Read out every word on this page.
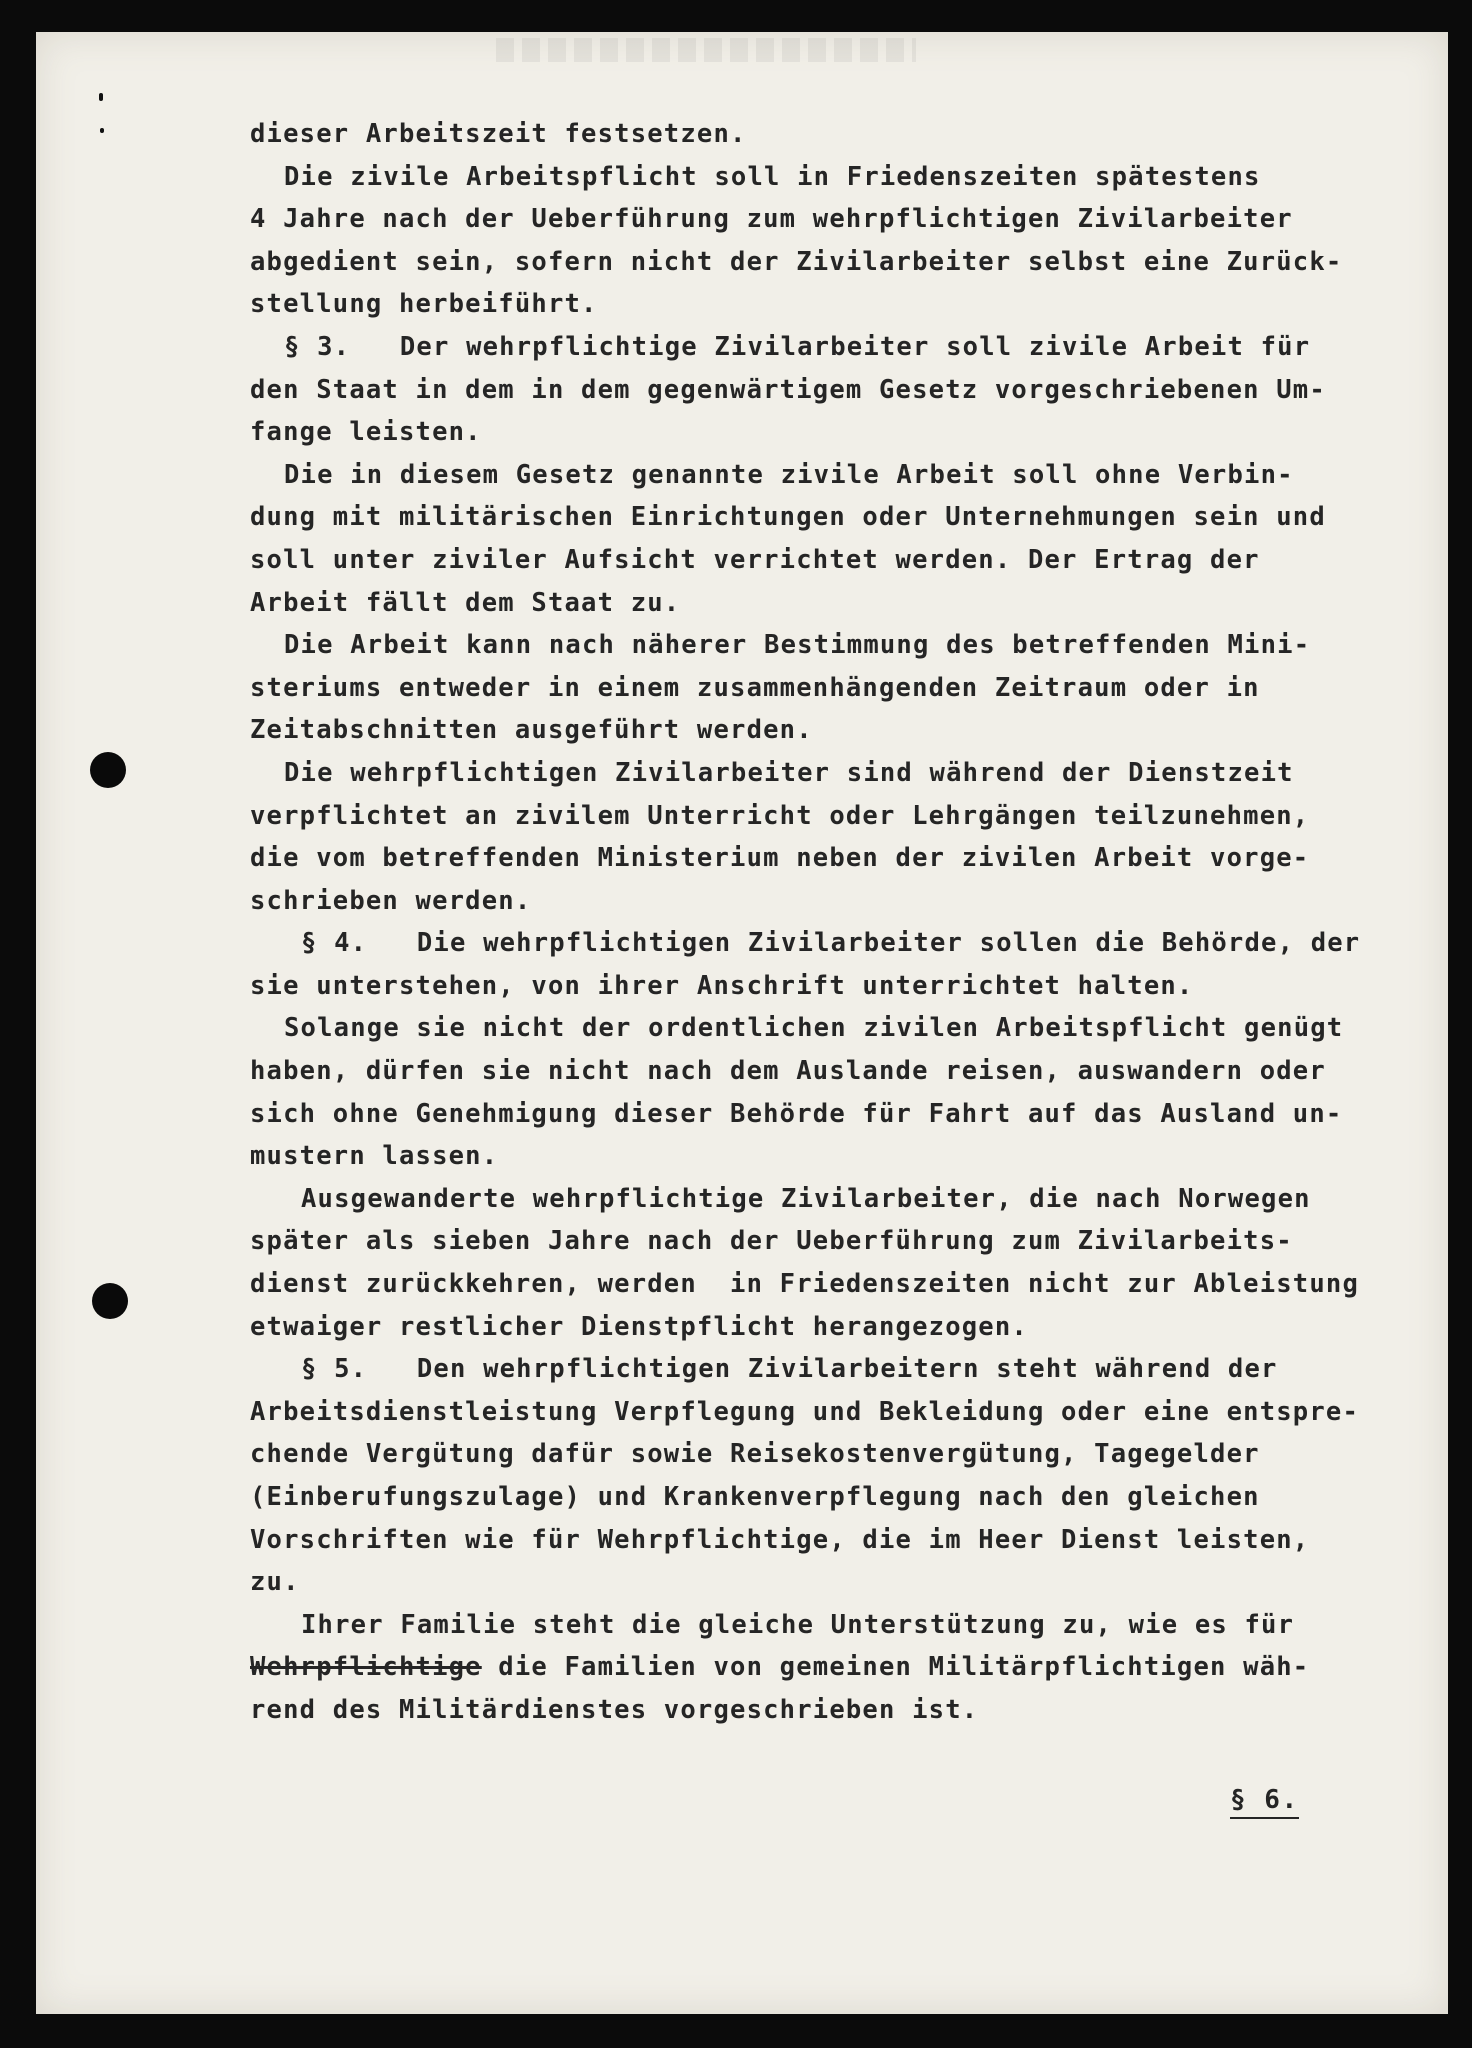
dieser Arbeitszeit festsetzen.
Die zivile Arbeitspflicht soll in Friedenszeiten spätestens
4 Jahre nach der Ueberführung zum wehrpflichtigen Zivilarbeiter
abgedient sein, sofern nicht der Zivilarbeiter selbst eine Zurück-
stellung herbeiführt.
§ 3.   Der wehrpflichtige Zivilarbeiter soll zivile Arbeit für
den Staat in dem in dem gegenwärtigem Gesetz vorgeschriebenen Um-
fange leisten.
Die in diesem Gesetz genannte zivile Arbeit soll ohne Verbin-
dung mit militärischen Einrichtungen oder Unternehmungen sein und
soll unter ziviler Aufsicht verrichtet werden. Der Ertrag der
Arbeit fällt dem Staat zu.
Die Arbeit kann nach näherer Bestimmung des betreffenden Mini-
steriums entweder in einem zusammenhängenden Zeitraum oder in
Zeitabschnitten ausgeführt werden.
Die wehrpflichtigen Zivilarbeiter sind während der Dienstzeit
verpflichtet an zivilem Unterricht oder Lehrgängen teilzunehmen,
die vom betreffenden Ministerium neben der zivilen Arbeit vorge-
schrieben werden.
§ 4.   Die wehrpflichtigen Zivilarbeiter sollen die Behörde, der
sie unterstehen, von ihrer Anschrift unterrichtet halten.
Solange sie nicht der ordentlichen zivilen Arbeitspflicht genügt
haben, dürfen sie nicht nach dem Auslande reisen, auswandern oder
sich ohne Genehmigung dieser Behörde für Fahrt auf das Ausland un-
mustern lassen.
Ausgewanderte wehrpflichtige Zivilarbeiter, die nach Norwegen
später als sieben Jahre nach der Ueberführung zum Zivilarbeits-
dienst zurückkehren, werden  in Friedenszeiten nicht zur Ableistung
etwaiger restlicher Dienstpflicht herangezogen.
§ 5.   Den wehrpflichtigen Zivilarbeitern steht während der
Arbeitsdienstleistung Verpflegung und Bekleidung oder eine entspre-
chende Vergütung dafür sowie Reisekostenvergütung, Tagegelder
(Einberufungszulage) und Krankenverpflegung nach den gleichen
Vorschriften wie für Wehrpflichtige, die im Heer Dienst leisten,
zu.
Ihrer Familie steht die gleiche Unterstützung zu, wie es für
Wehrpflichtige die Familien von gemeinen Militärpflichtigen wäh-
rend des Militärdienstes vorgeschrieben ist.
§ 6.
